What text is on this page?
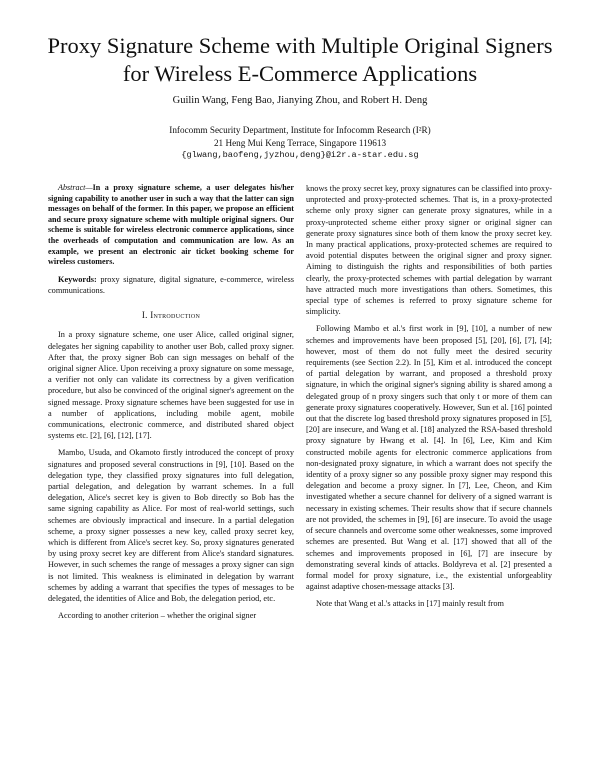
Proxy Signature Scheme with Multiple Original Signers for Wireless E-Commerce Applications
Guilin Wang, Feng Bao, Jianying Zhou, and Robert H. Deng
Infocomm Security Department, Institute for Infocomm Research (I²R)
21 Heng Mui Keng Terrace, Singapore 119613
{glwang,baofeng,jyzhou,deng}@i2r.a-star.edu.sg

Abstract—In a proxy signature scheme, a user delegates his/her signing capability to another user in such a way that the latter can sign messages on behalf of the former. In this paper, we propose an efficient and secure proxy signature scheme with multiple original signers. Our scheme is suitable for wireless electronic commerce applications, since the overheads of computation and communication are low. As an example, we present an electronic air ticket booking scheme for wireless customers.

Keywords: proxy signature, digital signature, e-commerce, wireless communications.

I. Introduction

In a proxy signature scheme, one user Alice, called original signer, delegates her signing capability to another user Bob, called proxy signer. After that, the proxy signer Bob can sign messages on behalf of the original signer Alice. Upon receiving a proxy signature on some message, a verifier not only can validate its correctness by a given verification procedure, but also be convinced of the original signer's agreement on the signed message. Proxy signature schemes have been suggested for use in a number of applications, including mobile agent, mobile communications, electronic commerce, and distributed shared object systems etc. [2], [6], [12], [17].

Mambo, Usuda, and Okamoto firstly introduced the concept of proxy signatures and proposed several constructions in [9], [10]. Based on the delegation type, they classified proxy signatures into full delegation, partial delegation, and delegation by warrant schemes. In a full delegation, Alice's secret key is given to Bob directly so Bob has the same signing capability as Alice. For most of real-world settings, such schemes are obviously impractical and insecure. In a partial delegation scheme, a proxy signer possesses a new key, called proxy secret key, which is different from Alice's secret key. So, proxy signatures generated by using proxy secret key are different from Alice's standard signatures. However, in such schemes the range of messages a proxy signer can sign is not limited. This weakness is eliminated in delegation by warrant schemes by adding a warrant that specifies the types of messages to be delegated, the identities of Alice and Bob, the delegation period, etc.

According to another criterion – whether the original signer

knows the proxy secret key, proxy signatures can be classified into proxy-unprotected and proxy-protected schemes. That is, in a proxy-protected scheme only proxy signer can generate proxy signatures, while in a proxy-unprotected scheme either proxy signer or original signer can generate proxy signatures since both of them know the proxy secret key. In many practical applications, proxy-protected schemes are required to avoid potential disputes between the original signer and proxy signer. Aiming to distinguish the rights and responsibilities of both parties clearly, the proxy-protected schemes with partial delegation by warrant have attracted much more investigations than others. Sometimes, this special type of schemes is referred to proxy signature scheme for simplicity.

Following Mambo et al.'s first work in [9], [10], a number of new schemes and improvements have been proposed [5], [20], [6], [7], [4]; however, most of them do not fully meet the desired security requirements (see Section 2.2). In [5], Kim et al. introduced the concept of partial delegation by warrant, and proposed a threshold proxy signature, in which the original signer's signing ability is shared among a delegated group of n proxy singers such that only t or more of them can generate proxy signatures cooperatively. However, Sun et al. [16] pointed out that the discrete log based threshold proxy signatures proposed in [5], [20] are insecure, and Wang et al. [18] analyzed the RSA-based threshold proxy signature by Hwang et al. [4]. In [6], Lee, Kim and Kim constructed mobile agents for electronic commerce applications from non-designated proxy signature, in which a warrant does not specify the identity of a proxy signer so any possible proxy signer may respond this delegation and become a proxy signer. In [7], Lee, Cheon, and Kim investigated whether a secure channel for delivery of a signed warrant is necessary in existing schemes. Their results show that if secure channels are not provided, the schemes in [9], [6] are insecure. To avoid the usage of secure channels and overcome some other weaknesses, some improved schemes are presented. But Wang et al. [17] showed that all of the schemes and improvements proposed in [6], [7] are insecure by demonstrating several kinds of attacks. Boldyreva et al. [2] presented a formal model for proxy signature, i.e., the existential unforgeablity against adaptive chosen-message attacks [3].

Note that Wang et al.'s attacks in [17] mainly result from
